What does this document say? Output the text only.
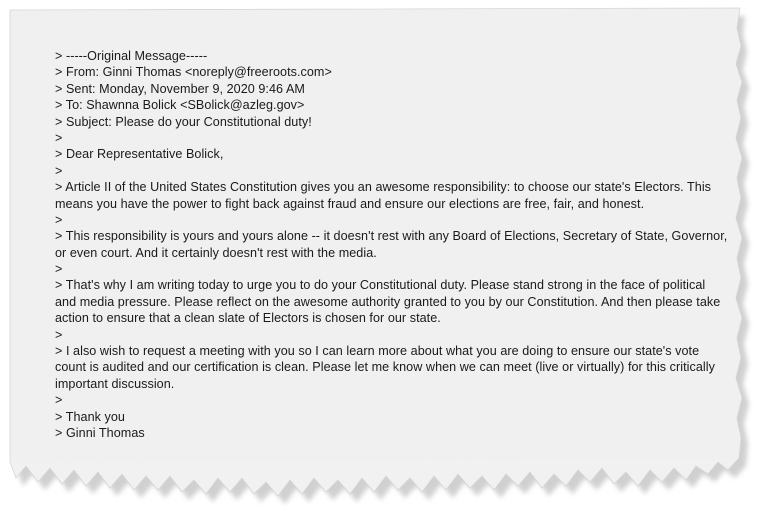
> -----Original Message-----
> From: Ginni Thomas <noreply@freeroots.com>
> Sent: Monday, November 9, 2020 9:46 AM
> To: Shawnna Bolick <SBolick@azleg.gov>
> Subject: Please do your Constitutional duty!
>
> Dear Representative Bolick,
>
> Article II of the United States Constitution gives you an awesome responsibility: to choose our state's Electors. This
means you have the power to fight back against fraud and ensure our elections are free, fair, and honest.
>
> This responsibility is yours and yours alone -- it doesn't rest with any Board of Elections, Secretary of State, Governor,
or even court. And it certainly doesn't rest with the media.
>
> That's why I am writing today to urge you to do your Constitutional duty. Please stand strong in the face of political
and media pressure. Please reflect on the awesome authority granted to you by our Constitution. And then please take
action to ensure that a clean slate of Electors is chosen for our state.
>
> I also wish to request a meeting with you so I can learn more about what you are doing to ensure our state's vote
count is audited and our certification is clean. Please let me know when we can meet (live or virtually) for this critically
important discussion.
>
> Thank you
> Ginni Thomas
